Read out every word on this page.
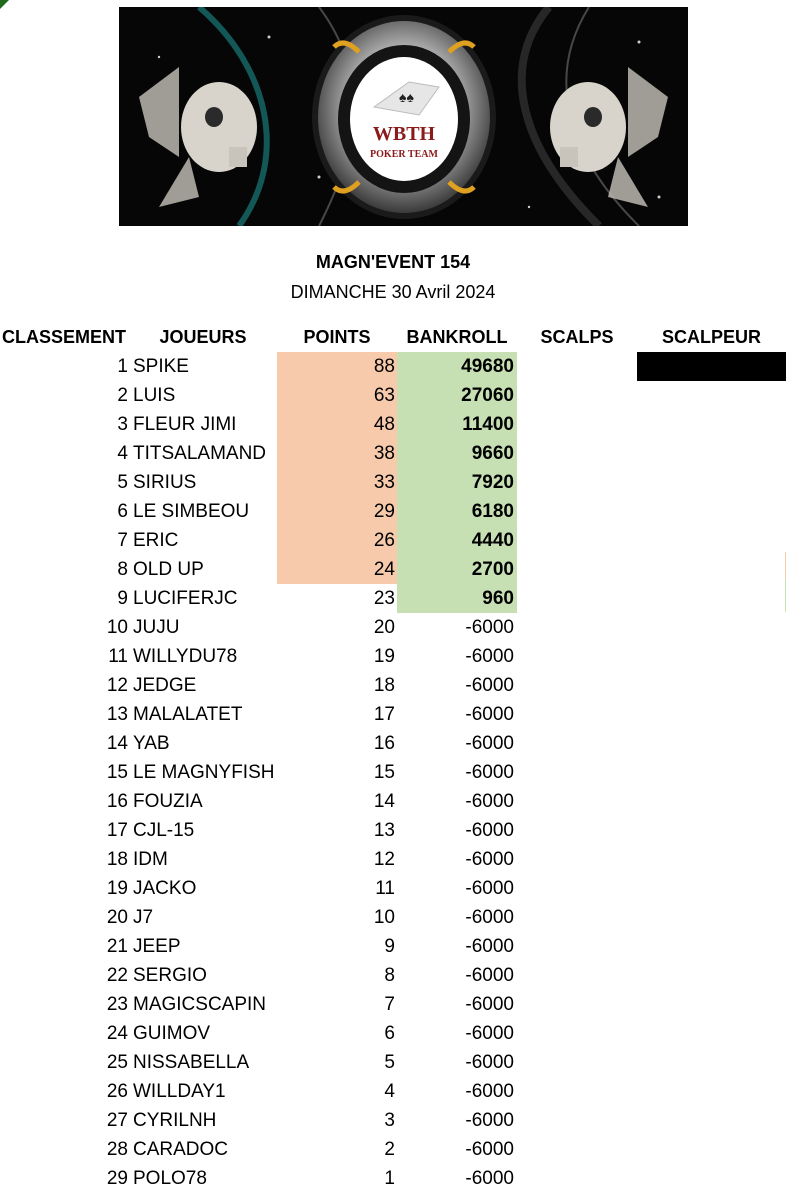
♠♠
WBTH
POKER TEAM
MAGN'EVENT 154
DIMANCHE 30 Avril 2024
CLASSEMENT	JOUEURS	POINTS	BANKROLL	SCALPS	SCALPEUR
1 SPIKE	88	49680
2 LUIS	63	27060
3 FLEUR JIMI	48	11400
4 TITSALAMAND	38	9660
5 SIRIUS	33	7920
6 LE SIMBEOU	29	6180
7 ERIC	26	4440
8 OLD UP	24	2700
9 LUCIFERJC	23	960
10 JUJU	20	-6000
11 WILLYDU78	19	-6000
12 JEDGE	18	-6000
13 MALALATET	17	-6000
14 YAB	16	-6000
15 LE MAGNYFISH	15	-6000
16 FOUZIA	14	-6000
17 CJL-15	13	-6000
18 IDM	12	-6000
19 JACKO	11	-6000
20 J7	10	-6000
21 JEEP	9	-6000
22 SERGIO	8	-6000
23 MAGICSCAPIN	7	-6000
24 GUIMOV	6	-6000
25 NISSABELLA	5	-6000
26 WILLDAY1	4	-6000
27 CYRILNH	3	-6000
28 CARADOC	2	-6000
29 POLO78	1	-6000
